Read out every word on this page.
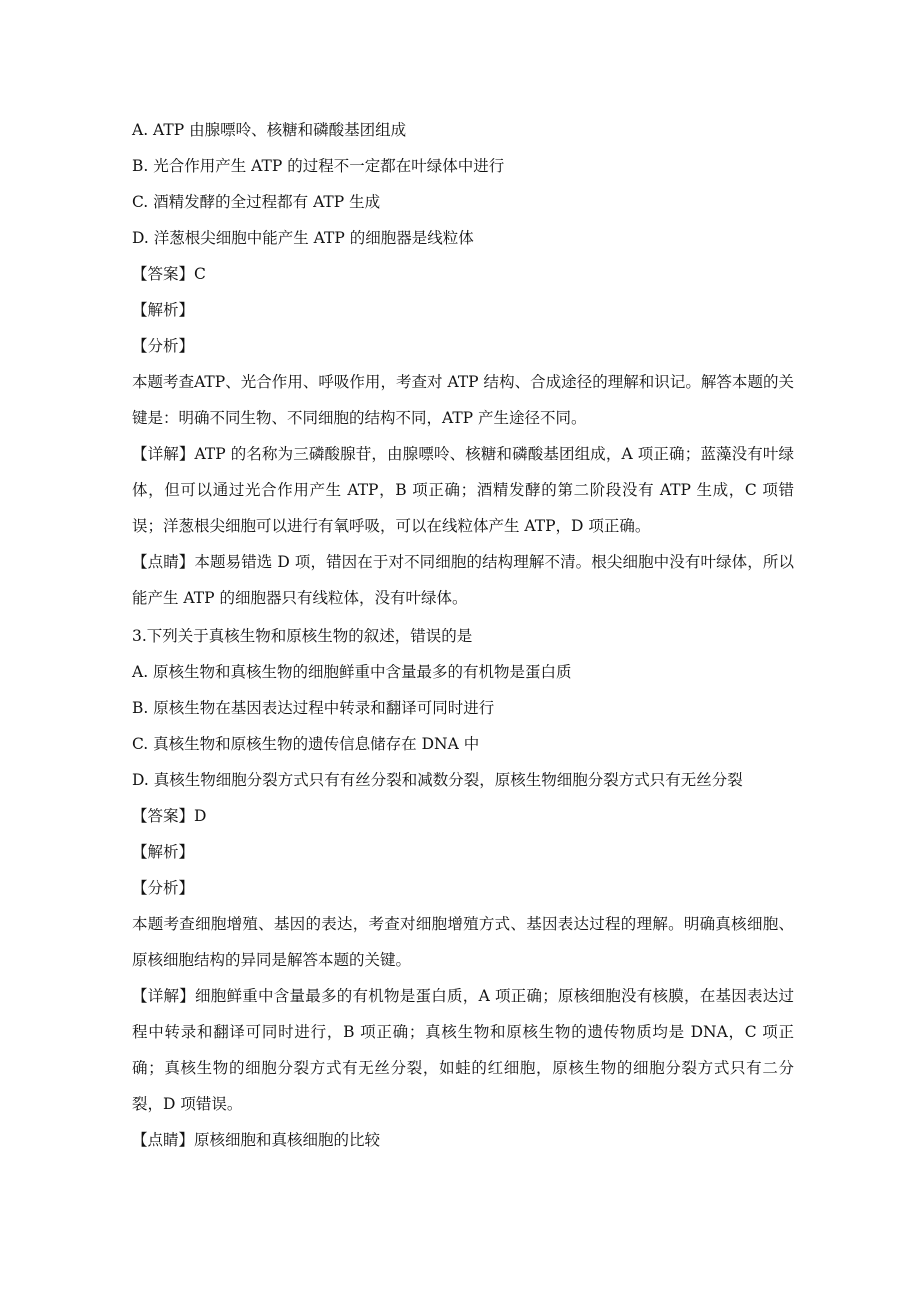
A. ATP 由腺嘌呤、核糖和磷酸基团组成
B. 光合作用产生 ATP 的过程不一定都在叶绿体中进行
C. 酒精发酵的全过程都有 ATP 生成
D. 洋葱根尖细胞中能产生 ATP 的细胞器是线粒体
【答案】C
【解析】
【分析】
本题考查ATP、光合作用、呼吸作用，考查对 ATP 结构、合成途径的理解和识记。解答本题的关键是：明确不同生物、不同细胞的结构不同，ATP 产生途径不同。
【详解】ATP 的名称为三磷酸腺苷，由腺嘌呤、核糖和磷酸基团组成，A 项正确；蓝藻没有叶绿体，但可以通过光合作用产生 ATP，B 项正确；酒精发酵的第二阶段没有 ATP 生成，C 项错误；洋葱根尖细胞可以进行有氧呼吸，可以在线粒体产生 ATP，D 项正确。
【点睛】本题易错选 D 项，错因在于对不同细胞的结构理解不清。根尖细胞中没有叶绿体，所以能产生 ATP 的细胞器只有线粒体，没有叶绿体。
3.下列关于真核生物和原核生物的叙述，错误的是
A. 原核生物和真核生物的细胞鲜重中含量最多的有机物是蛋白质
B. 原核生物在基因表达过程中转录和翻译可同时进行
C. 真核生物和原核生物的遗传信息储存在 DNA 中
D. 真核生物细胞分裂方式只有有丝分裂和减数分裂，原核生物细胞分裂方式只有无丝分裂
【答案】D
【解析】
【分析】
本题考查细胞增殖、基因的表达，考查对细胞增殖方式、基因表达过程的理解。明确真核细胞、原核细胞结构的异同是解答本题的关键。
【详解】细胞鲜重中含量最多的有机物是蛋白质，A 项正确；原核细胞没有核膜，在基因表达过程中转录和翻译可同时进行，B 项正确；真核生物和原核生物的遗传物质均是 DNA，C 项正确；真核生物的细胞分裂方式有无丝分裂，如蛙的红细胞，原核生物的细胞分裂方式只有二分裂，D 项错误。
【点睛】原核细胞和真核细胞的比较
